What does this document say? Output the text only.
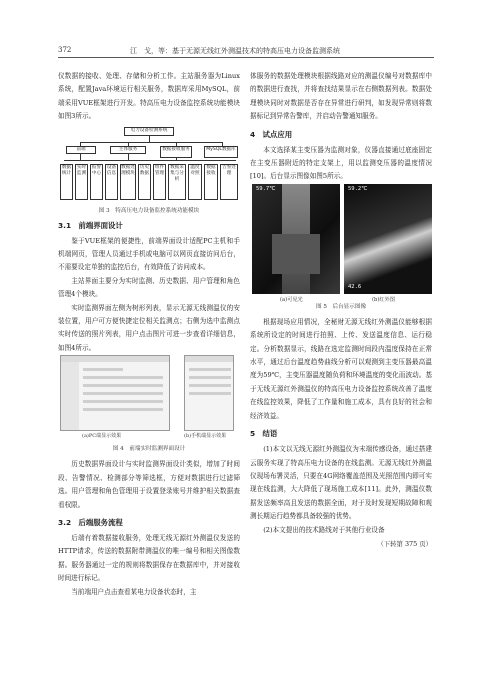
372	江　戈，等：基于无源无线红外测温技术的特高压电力设备监测系统

仪数据的接收、处理、存储和分析工作。主站服务器为Linux系统，配置Java环境运行相关服务，数据库采用MySQL，前端采用VUE框架进行开发。特高压电力设备监控系统功能模块如图3所示。

电力设备检测系统
前端	主体服务	数据接收服务	MySQL数据库
数据统计
实时监测
报警中心
设备信息
数据处理模块
历史数据
组件管理
数据采集与分析
温度对照
数据接收
告警处理
图 3　特高压电力设备监控系统功能模块
3.1　前端界面设计

鉴于VUE框架的便捷性，前端界面设计适配PC主机和手机端网页，管理人员通过手机或电脑可以网页直接访问后台，不需要设定单独的监控后台，有效降低了访问成本。

主站界面主要分为实时监测、历史数据、用户管理和角色管理4个模块。

实时监测界面左侧为树形列表，显示无源无线测温仪的安装位置，用户可方便快捷定位相关监测点；右侧为选中监测点实时传送的照片列表，用户点击图片可进一步查看详细信息，如图4所示。

(a)PC端显示效果	(b)手机端显示效果
图 4　前端实时监测界面设计

历史数据界面设计与实时监测界面设计类似，增加了时间段、告警情况、检测部分等筛选框，方便对数据进行过滤筛选。用户管理和角色管理用于设置登录账号并维护相关数据查看权限。

3.2　后端服务流程

后端有着数据接收服务，处理无线无源红外测温仪发送的HTTP请求，传送的数据附带测温仪的唯一编号和相关图像数据。服务器通过一定的规则将数据保存在数据库中，并对接收时间进行标记。

当前端用户点击查看某电力设备状态时，主

体服务的数据处理模块根据线路对应的测温仪编号对数据库中的数据进行查找，并将查找结果显示在右侧数据列表。数据处理模块同时对数据是否存在异常进行研判，如发现异常则将数据标记到异常告警库，并启动告警通知服务。

4　试点应用

本文选择某主变压器为监测对象，仪器直接通过底座固定在主变压器附近的特定支架上，用以监测变压器的温度情况[10]。后台显示图像如图5所示。

59.7℃	59.2℃
42.6
(a)可见光	(b)红外图
图 5　后台显示图像

根据现场应用情况，全秘财无源无线红外测温仪能够根据系统所设定的时间进行拍照、上传、发送温度信息、运行稳定。分析数据显示，线路在选定监测时间段内温度保持在正常水平，通过后台温度趋势曲线分析可以观测到主变压器最高温度为59℃，主变压器温度随负荷和环境温度的变化而波动。基于无线无源红外测温仪的特高压电力设备监控系统改善了温度在线监控效果，降低了工作量和施工成本，具有良好的社会和经济效益。

5　结语

(1)本文以无线无源红外测温仪为末端传感设备，通过搭建云服务实现了特高压电力设备的在线监测。无源无线红外测温仪现场布署灵活，只要在4G网络覆盖范围及光照范围内即可实现在线监测，大大降低了现场施工成本[11]。此外，测温仪数据发送频率高且发送的数据全面，对于及时发现短期故障和观测长期运行趋势都具备较强的优势。

(2)本文提出的技术路线对于其他行业设备

（下转第 375 页）
